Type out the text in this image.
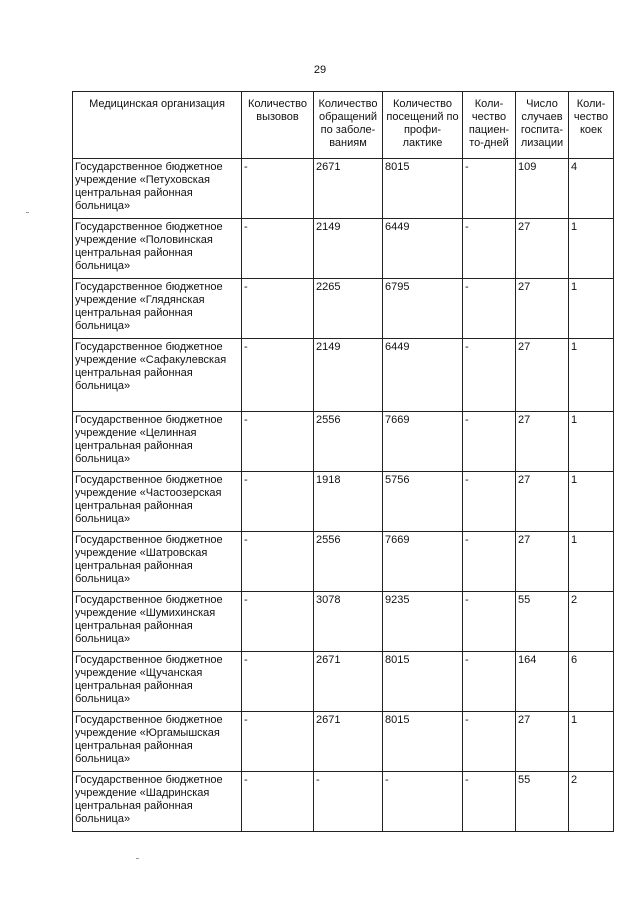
29
Медицинская организация	Количество вызовов	Количество обращений по заболе- ваниям	Количество посещений по профи- лактике	Коли- чество пациен- то-дней	Число случаев госпита- лизации	Коли- чество коек
Государственное бюджетное учреждение «Петуховская центральная районная больница»	-	2671	8015	-	109	4
Государственное бюджетное учреждение «Половинская центральная районная больница»	-	2149	6449	-	27	1
Государственное бюджетное учреждение «Глядянская центральная районная больница»	-	2265	6795	-	27	1
Государственное бюджетное учреждение «Сафакулевская центральная районная больница»	-	2149	6449	-	27	1
Государственное бюджетное учреждение «Целинная центральная районная больница»	-	2556	7669	-	27	1
Государственное бюджетное учреждение «Частоозерская центральная районная больница»	-	1918	5756	-	27	1
Государственное бюджетное учреждение «Шатровская центральная районная больница»	-	2556	7669	-	27	1
Государственное бюджетное учреждение «Шумихинская центральная районная больница»	-	3078	9235	-	55	2
Государственное бюджетное учреждение «Щучанская центральная районная больница»	-	2671	8015	-	164	6
Государственное бюджетное учреждение «Юргамышская центральная районная больница»	-	2671	8015	-	27	1
Государственное бюджетное учреждение «Шадринская центральная районная больница»	-	-	-	-	55	2
